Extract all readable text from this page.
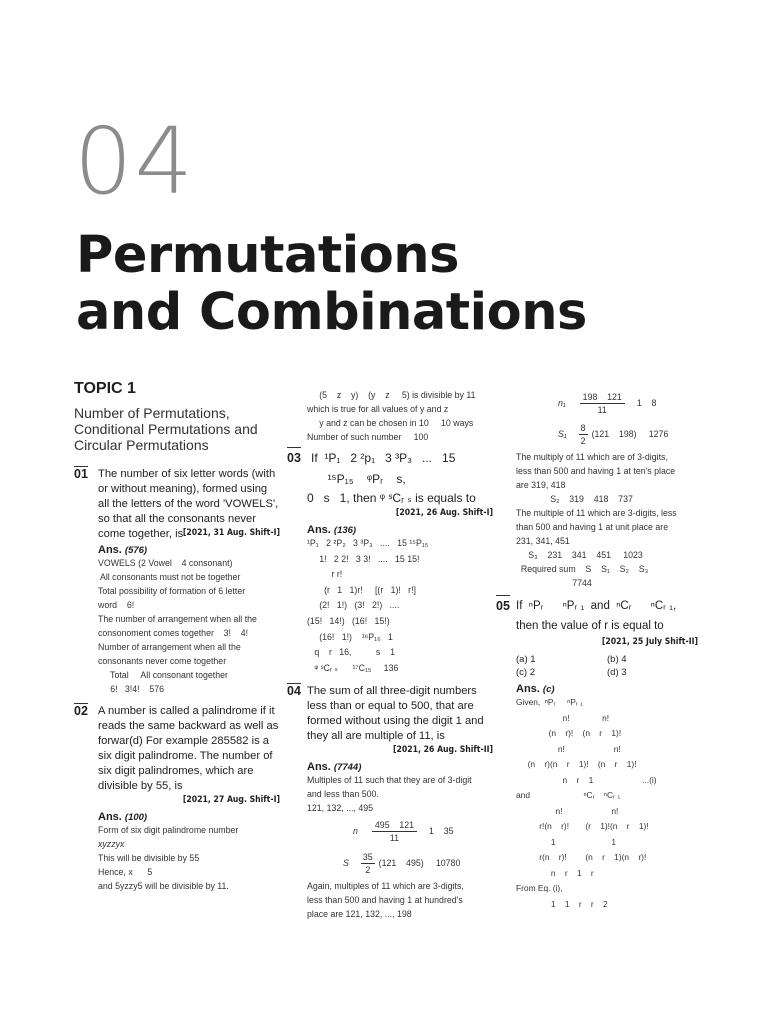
04
Permutations
and Combinations
TOPIC 1
Number of Permutations, Conditional Permutations and Circular Permutations
01 The number of six letter words (with or without meaning), formed using all the letters of the word 'VOWELS', so that all the consonants never come together, is [2021, 31 Aug. Shift-I]
Ans. (576)
VOWELS (2 Vowel    4 consonant)
All consonants must not be together
Total possibility of formation of 6 letter
word    6!
The number of arrangement when all the
consonoment comes together    3!    4!
Number of arrangement when all the
consonants never come together
Total     All consonant together
6!   3!4!    576
02 A number is called a palindrome if it reads the same backward as well as forwar(d) For example 285582 is a six digit palindrome. The number of six digit palindromes, which are divisible by 55, is
[2021, 27 Aug. Shift-I]
Ans. (100)
Form of six digit palindrome number
xyzzyx
This will be divisible by 55
Hence, x      5
and 5yzzy5 will be divisible by 11.
(5    z    y)    (y    z     5) is divisible by 11
which is true for all values of y and z
y and z can be chosen in 10     10 ways
Number of such number     100
03 If  ¹P₁   2 ²p₁   3 ³P₃   ...   15
¹⁵P₁₅    ᵠPᵣ    s,
0   s   1, then ᵠ ˢCᵣ ₛ is equals to
[2021, 26 Aug. Shift-I]
Ans. (136)
¹P₁   2 ²P₂   3 ³P₃   ....   15 ¹⁵P₁₅
1!   2 2!   3 3!   ....   15 15!
r r!
(r   1   1)r!     [(r   1)!   r!]
(2!   1!)   (3!   2!)   ....
(15!   14!)   (16!   15!)
(16!   1!)    ¹⁶P₁₆   1
q    r   16,          s    1
ᵠ ˢCᵣ ₛ      ¹⁷C₁₅     136
04 The sum of all three-digit numbers less than or equal to 500, that are formed without using the digit 1 and they all are multiple of 11, is
[2021, 26 Aug. Shift-II]
Ans. (7744)
Multiples of 11 such that they are of 3-digit
and less than 500.
121, 132, ..., 495
n $\frac{495 121}{11} 1$    35
S $\frac{35}{2} (121$    495)     10780
Again, multiples of 11 which are 3-digits,
less than 500 and having 1 at hundred's
place are 121, 132, ..., 198
$n_1 \frac{198 121}{11} 1$    8
$S_1 \frac{8}{2} (121$    198)     1276
The multiply of 11 which are of 3-digits,
less than 500 and having 1 at ten's place
are 319, 418
S₂    319    418    737
The multiple of 11 which are 3-digits, less
than 500 and having 1 at unit place are
231, 341, 451
S₃    231    341    451     1023
Required sum    S    S₁    S₂    S₃
7744
05 If  ⁿPᵣ      ⁿPᵣ ₁  and  ⁿCᵣ      ⁿCᵣ ₁,
then the value of r is equal to
[2021, 25 July Shift-II]
(a) 1	(b) 4
(c) 2	(d) 3
Ans. (c)
Given,  ⁿPᵣ     ⁿPᵣ ₁
n!              n!
(n    r)!    (n    r    1)!
n!                     n!
(n    r)(n    r    1)!    (n    r    1)!
n    r    1                     ...(i)
and                       ⁿCᵣ    ⁿCᵣ ₁
n!                     n!
r!(n    r)!       (r    1)!(n    r    1)!
1                        1
r(n    r)!        (n    r    1)(n    r)!
n    r    1    r
From Eq. (i),
1    1    r    r    2
